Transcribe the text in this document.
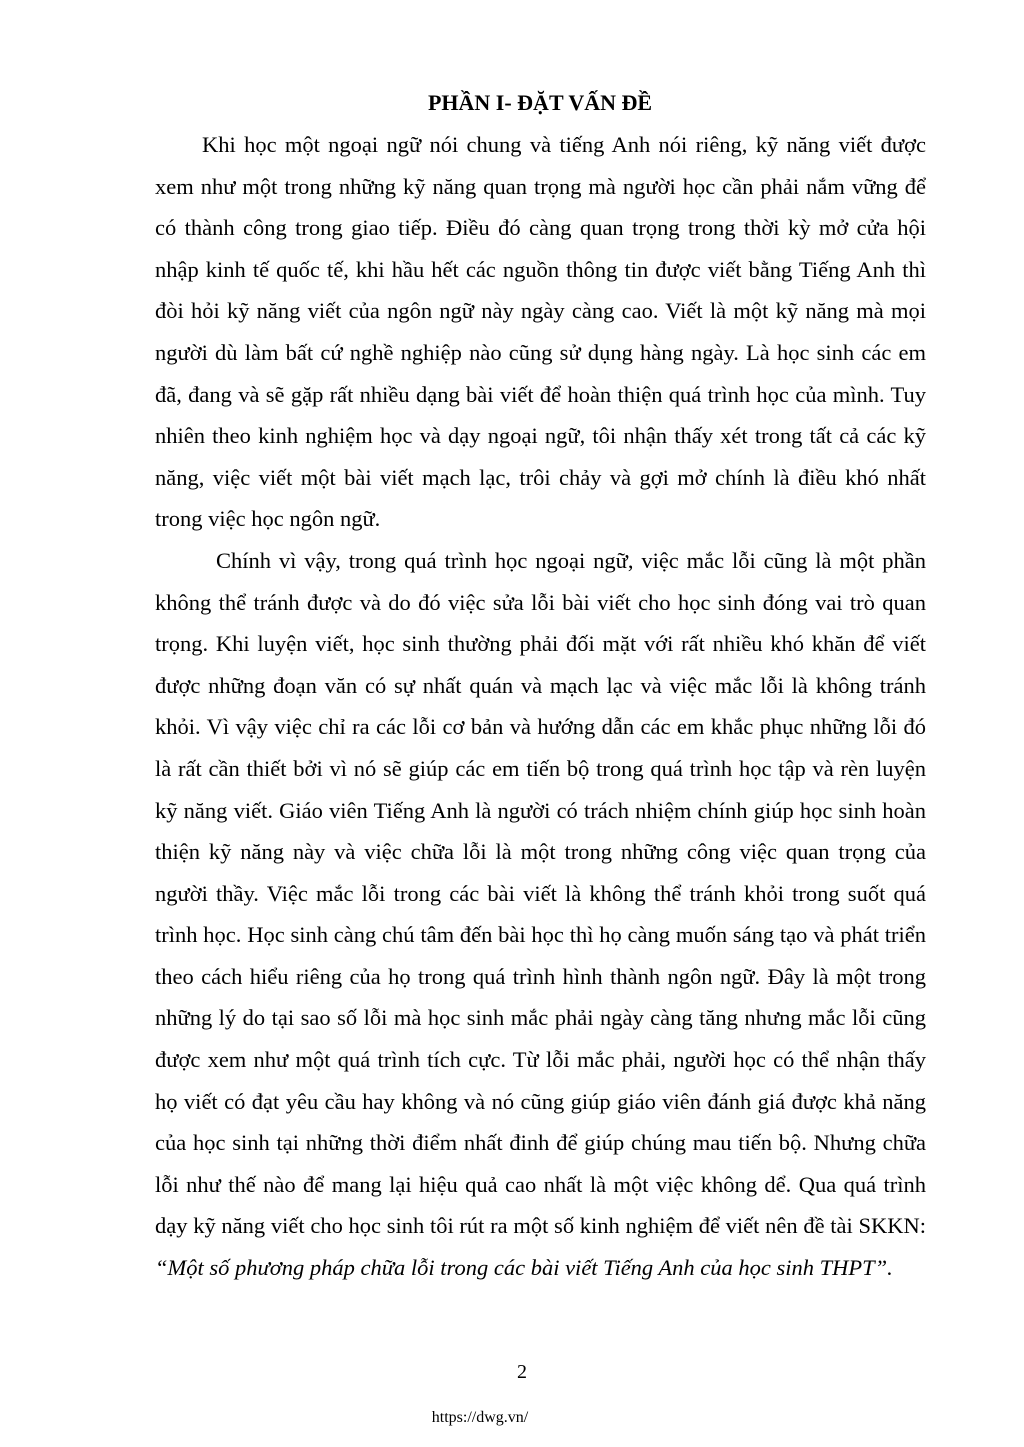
PHẦN I- ĐẶT VẤN ĐỀ

Khi học một ngoại ngữ nói chung và tiếng Anh nói riêng, kỹ năng viết được xem như một trong những kỹ năng quan trọng mà người học cần phải nắm vững để có thành công trong giao tiếp. Điều đó càng quan trọng trong thời kỳ mở cửa hội nhập kinh tế quốc tế, khi hầu hết các nguồn thông tin được viết bằng Tiếng Anh thì đòi hỏi kỹ năng viết của ngôn ngữ này ngày càng cao. Viết là một kỹ năng mà mọi người dù làm bất cứ nghề nghiệp nào cũng sử dụng hàng ngày. Là học sinh các em đã, đang và sẽ gặp rất nhiều dạng bài viết để hoàn thiện quá trình học của mình. Tuy nhiên theo kinh nghiệm học và dạy ngoại ngữ, tôi nhận thấy xét trong tất cả các kỹ năng, việc viết một bài viết mạch lạc, trôi chảy và gợi mở chính là điều khó nhất trong việc học ngôn ngữ.

Chính vì vậy, trong quá trình học ngoại ngữ, việc mắc lỗi cũng là một phần không thể tránh được và do đó việc sửa lỗi bài viết cho học sinh đóng vai trò quan trọng. Khi luyện viết, học sinh thường phải đối mặt với rất nhiều khó khăn để viết được những đoạn văn có sự nhất quán và mạch lạc và việc mắc lỗi là không tránh khỏi. Vì vậy việc chỉ ra các lỗi cơ bản và hướng dẫn các em khắc phục những lỗi đó là rất cần thiết bởi vì nó sẽ giúp các em tiến bộ trong quá trình học tập và rèn luyện kỹ năng viết. Giáo viên Tiếng Anh là người có trách nhiệm chính giúp học sinh hoàn thiện kỹ năng này và việc chữa lỗi là một trong những công việc quan trọng của người thầy. Việc mắc lỗi trong các bài viết là không thể tránh khỏi trong suốt quá trình học. Học sinh càng chú tâm đến bài học thì họ càng muốn sáng tạo và phát triển theo cách hiểu riêng của họ trong quá trình hình thành ngôn ngữ. Đây là một trong những lý do tại sao số lỗi mà học sinh mắc phải ngày càng tăng nhưng mắc lỗi cũng được xem như một quá trình tích cực. Từ lỗi mắc phải, người học có thể nhận thấy họ viết có đạt yêu cầu hay không và nó cũng giúp giáo viên đánh giá được khả năng của học sinh tại những thời điểm nhất đinh để giúp chúng mau tiến bộ. Nhưng chữa lỗi như thế nào để mang lại hiệu quả cao nhất là một việc không dể. Qua quá trình dạy kỹ năng viết cho học sinh tôi rút ra một số kinh nghiệm để viết nên đề tài SKKN: “Một số phương pháp chữa lỗi trong các bài viết Tiếng Anh của học sinh THPT”.

2
https://dwg.vn/
